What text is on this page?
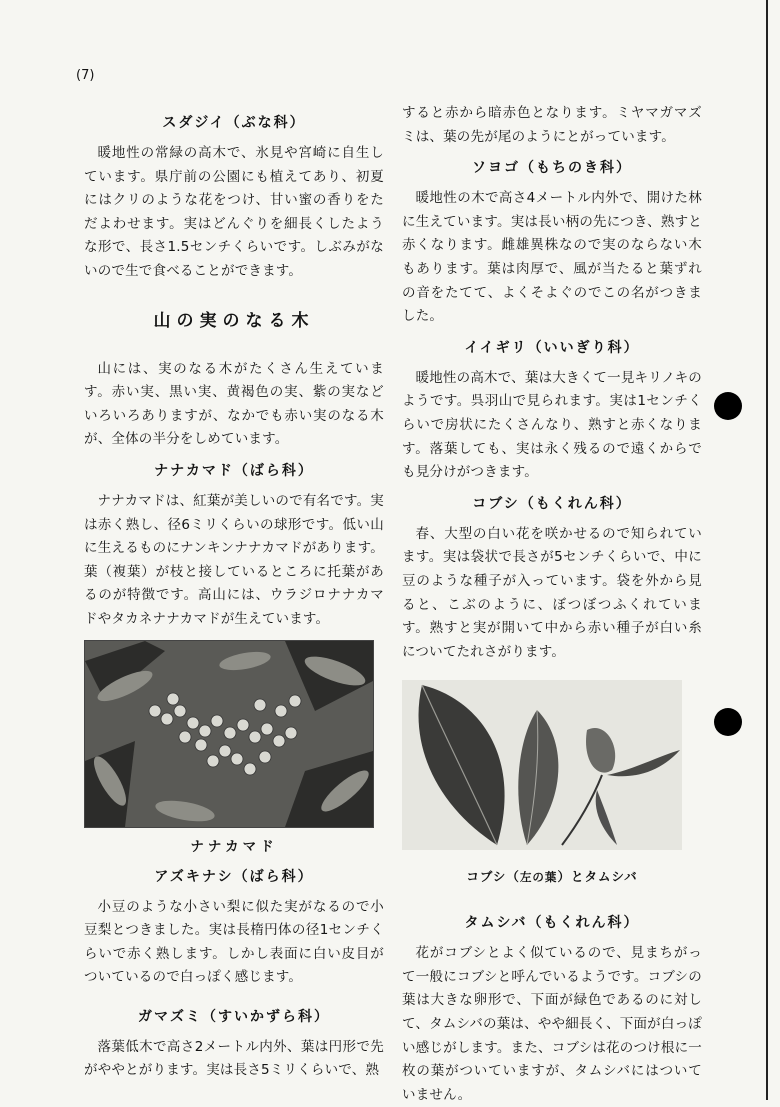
(7)
スダジイ（ぶな科）

暖地性の常緑の高木で、氷見や宮崎に自生しています。県庁前の公園にも植えてあり、初夏にはクリのような花をつけ、甘い蜜の香りをただよわせます。実はどんぐりを細長くしたような形で、長さ1.5センチくらいです。しぶみがないので生で食べることができます。

山の実のなる木

山には、実のなる木がたくさん生えています。赤い実、黒い実、黄褐色の実、紫の実などいろいろありますが、なかでも赤い実のなる木が、全体の半分をしめています。

ナナカマド（ばら科）

ナナカマドは、紅葉が美しいので有名です。実は赤く熟し、径6ミリくらいの球形です。低い山に生えるものにナンキンナナカマドがあります。葉（複葉）が枝と接しているところに托葉があるのが特徴です。高山には、ウラジロナナカマドやタカネナナカマドが生えています。

ナナカマド
アズキナシ（ばら科）

小豆のような小さい梨に似た実がなるので小豆梨とつきました。実は長楕円体の径1センチくらいで赤く熟します。しかし表面に白い皮目がついているので白っぽく感じます。

ガマズミ（すいかずら科）

落葉低木で高さ2メートル内外、葉は円形で先がややとがります。実は長さ5ミリくらいで、熟

すると赤から暗赤色となります。ミヤマガマズミは、葉の先が尾のようにとがっています。

ソヨゴ（もちのき科）

暖地性の木で高さ4メートル内外で、開けた林に生えています。実は長い柄の先につき、熟すと赤くなります。雌雄異株なので実のならない木もあります。葉は肉厚で、風が当たると葉ずれの音をたてて、よくそよぐのでこの名がつきました。

イイギリ（いいぎり科）

暖地性の高木で、葉は大きくて一見キリノキのようです。呉羽山で見られます。実は1センチくらいで房状にたくさんなり、熟すと赤くなります。落葉しても、実は永く残るので遠くからでも見分けがつきます。

コブシ（もくれん科）

春、大型の白い花を咲かせるので知られています。実は袋状で長さが5センチくらいで、中に豆のような種子が入っています。袋を外から見ると、こぶのように、ぼつぼつふくれています。熟すと実が開いて中から赤い種子が白い糸についてたれさがります。

コブシ（左の葉）とタムシバ
タムシバ（もくれん科）

花がコブシとよく似ているので、見まちがって一般にコブシと呼んでいるようです。コブシの葉は大きな卵形で、下面が緑色であるのに対して、タムシバの葉は、やや細長く、下面が白っぽい感じがします。また、コブシは花のつけ根に一枚の葉がついていますが、タムシバにはついていません。
